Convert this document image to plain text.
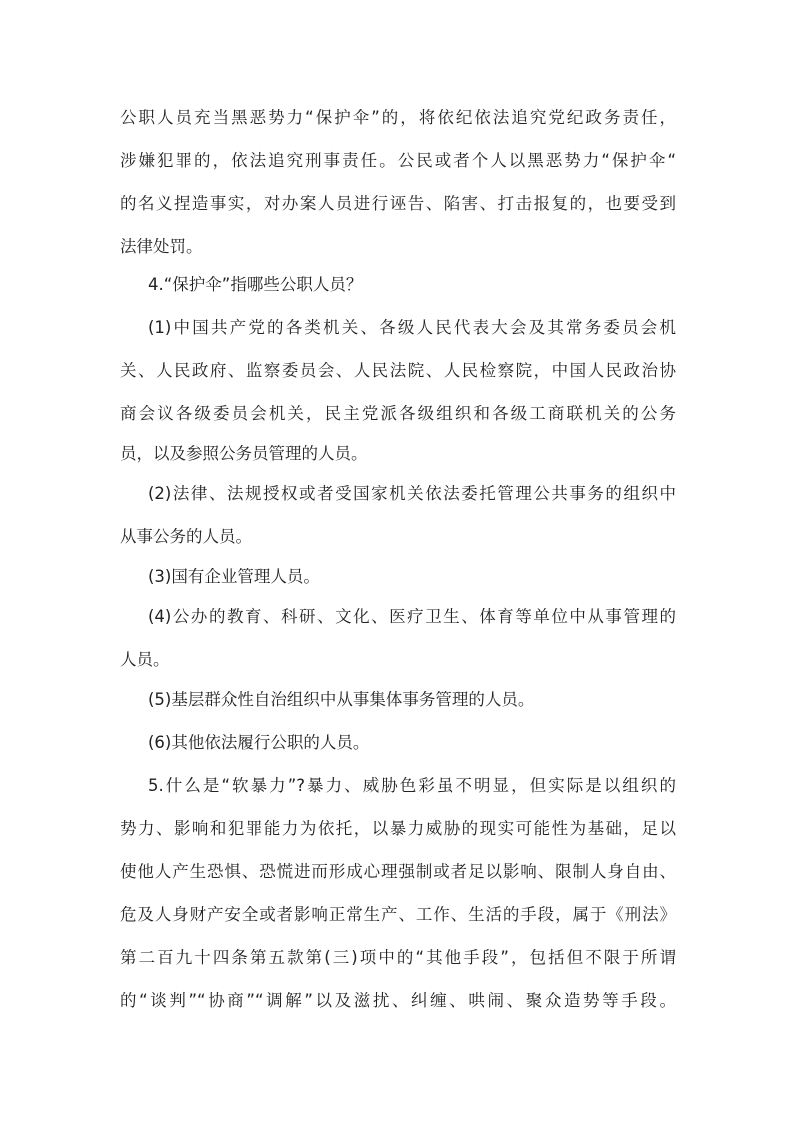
公职人员充当黑恶势力“保护伞”的，将依纪依法追究党纪政务责任，
涉嫌犯罪的，依法追究刑事责任。公民或者个人以黑恶势力“保护伞“
的名义捏造事实，对办案人员进行诬告、陷害、打击报复的，也要受到
法律处罚。
4.“保护伞”指哪些公职人员？
(1)中国共产党的各类机关、各级人民代表大会及其常务委员会机
关、人民政府、监察委员会、人民法院、人民检察院，中国人民政治协
商会议各级委员会机关，民主党派各级组织和各级工商联机关的公务
员，以及参照公务员管理的人员。
(2)法律、法规授权或者受国家机关依法委托管理公共事务的组织中
从事公务的人员。
(3)国有企业管理人员。
(4)公办的教育、科研、文化、医疗卫生、体育等单位中从事管理的
人员。
(5)基层群众性自治组织中从事集体事务管理的人员。
(6)其他依法履行公职的人员。
5.什么是“软暴力”?暴力、威胁色彩虽不明显，但实际是以组织的
势力、影响和犯罪能力为依托，以暴力威胁的现实可能性为基础，足以
使他人产生恐惧、恐慌进而形成心理强制或者足以影响、限制人身自由、
危及人身财产安全或者影响正常生产、工作、生活的手段，属于《刑法》
第二百九十四条第五款第(三)项中的“其他手段”，包括但不限于所谓
的“谈判”“协商”“调解”以及滋扰、纠缠、哄闹、聚众造势等手段。
